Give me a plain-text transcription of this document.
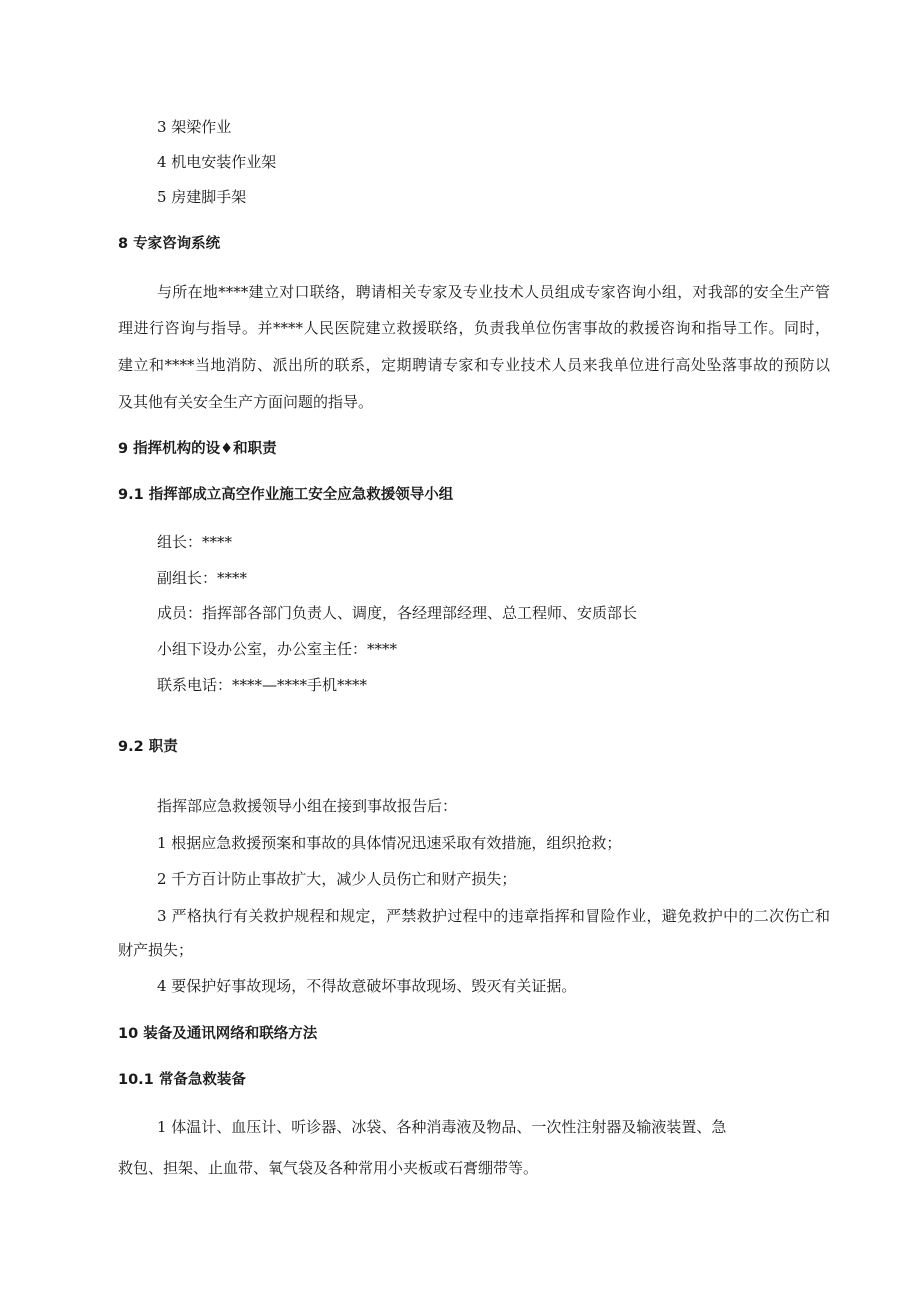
3 架梁作业
4 机电安装作业架
5 房建脚手架
8 专家咨询系统
与所在地****建立对口联络，聘请相关专家及专业技术人员组成专家咨询小组，对我部的安全生产管
理进行咨询与指导。并****人民医院建立救援联络，负责我单位伤害事故的救援咨询和指导工作。同时，
建立和****当地消防、派出所的联系，定期聘请专家和专业技术人员来我单位进行高处坠落事故的预防以
及其他有关安全生产方面问题的指导。
9 指挥机构的设♦和职责
9.1 指挥部成立高空作业施工安全应急救援领导小组
组长：****
副组长：****
成员：指挥部各部门负责人、调度，各经理部经理、总工程师、安质部长
小组下设办公室，办公室主任：****
联系电话：****—****手机****
9.2 职责
指挥部应急救援领导小组在接到事故报告后：
1 根据应急救援预案和事故的具体情况迅速采取有效措施，组织抢救；
2 千方百计防止事故扩大，减少人员伤亡和财产损失；
3 严格执行有关救护规程和规定，严禁救护过程中的违章指挥和冒险作业，避免救护中的二次伤亡和
财产损失；
4 要保护好事故现场，不得故意破坏事故现场、毁灭有关证据。
10 装备及通讯网络和联络方法
10.1 常备急救装备
1 体温计、血压计、听诊器、冰袋、各种消毒液及物品、一次性注射器及输液装置、急
救包、担架、止血带、氧气袋及各种常用小夹板或石膏绷带等。
